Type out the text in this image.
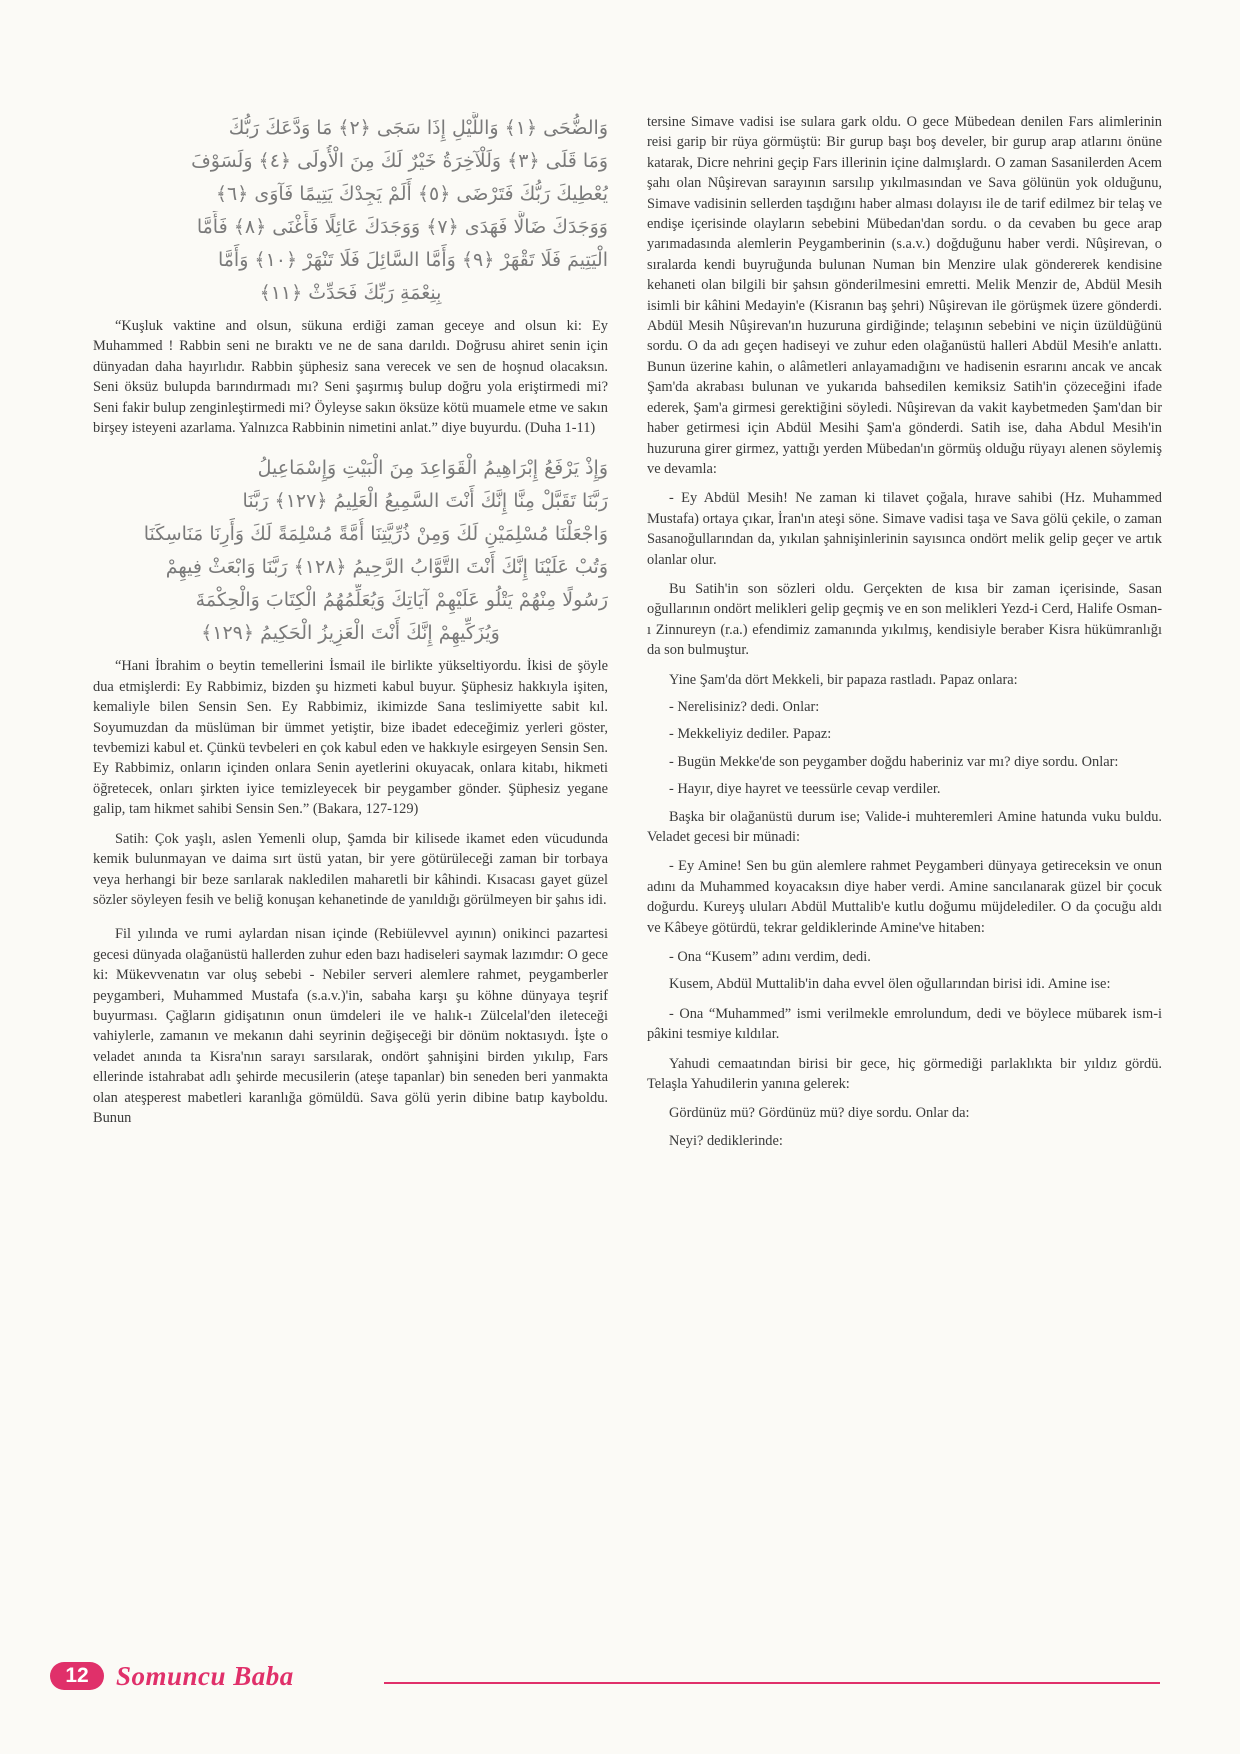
وَالضُّحَى ﴿١﴾ وَاللَّيْلِ إِذَا سَجَى ﴿٢﴾ مَا وَدَّعَكَ رَبُّكَ
وَمَا قَلَى ﴿٣﴾ وَلَلْآخِرَةُ خَيْرٌ لَكَ مِنَ الْأُولَى ﴿٤﴾ وَلَسَوْفَ
يُعْطِيكَ رَبُّكَ فَتَرْضَى ﴿٥﴾ أَلَمْ يَجِدْكَ يَتِيمًا فَآوَى ﴿٦﴾
وَوَجَدَكَ ضَالًّا فَهَدَى ﴿٧﴾ وَوَجَدَكَ عَائِلًا فَأَغْنَى ﴿٨﴾ فَأَمَّا
الْيَتِيمَ فَلَا تَقْهَرْ ﴿٩﴾ وَأَمَّا السَّائِلَ فَلَا تَنْهَرْ ﴿١٠﴾ وَأَمَّا
بِنِعْمَةِ رَبِّكَ فَحَدِّثْ ﴿١١﴾

“Kuşluk vaktine and olsun, sükuna erdiği zaman geceye and olsun ki: Ey Muhammed ! Rabbin seni ne bıraktı ve ne de sana darıldı. Doğrusu ahiret senin için dünyadan daha hayırlıdır. Rabbin şüphesiz sana verecek ve sen de hoşnud olacaksın. Seni öksüz bulupda barındırmadı mı? Seni şaşırmış bulup doğru yola eriştirmedi mi? Seni fakir bulup zenginleştirmedi mi? Öyleyse sakın öksüze kötü muamele etme ve sakın birşey isteyeni azarlama. Yalnızca Rabbinin nimetini anlat.” diye buyurdu. (Duha 1-11)

وَإِذْ يَرْفَعُ إِبْرَاهِيمُ الْقَوَاعِدَ مِنَ الْبَيْتِ وَإِسْمَاعِيلُ
رَبَّنَا تَقَبَّلْ مِنَّا إِنَّكَ أَنْتَ السَّمِيعُ الْعَلِيمُ ﴿١٢٧﴾ رَبَّنَا
وَاجْعَلْنَا مُسْلِمَيْنِ لَكَ وَمِنْ ذُرِّيَّتِنَا أُمَّةً مُسْلِمَةً لَكَ وَأَرِنَا مَنَاسِكَنَا
وَتُبْ عَلَيْنَا إِنَّكَ أَنْتَ التَّوَّابُ الرَّحِيمُ ﴿١٢٨﴾ رَبَّنَا وَابْعَثْ فِيهِمْ
رَسُولًا مِنْهُمْ يَتْلُو عَلَيْهِمْ آيَاتِكَ وَيُعَلِّمُهُمُ الْكِتَابَ وَالْحِكْمَةَ
وَيُزَكِّيهِمْ إِنَّكَ أَنْتَ الْعَزِيزُ الْحَكِيمُ ﴿١٢٩﴾

“Hani İbrahim o beytin temellerini İsmail ile birlikte yükseltiyordu. İkisi de şöyle dua etmişlerdi: Ey Rabbimiz, bizden şu hizmeti kabul buyur. Şüphesiz hakkıyla işiten, kemaliyle bilen Sensin Sen. Ey Rabbimiz, ikimizde Sana teslimiyette sabit kıl. Soyumuzdan da müslüman bir ümmet yetiştir, bize ibadet edeceğimiz yerleri göster, tevbemizi kabul et. Çünkü tevbeleri en çok kabul eden ve hakkıyle esirgeyen Sensin Sen. Ey Rabbimiz, onların içinden onlara Senin ayetlerini okuyacak, onlara kitabı, hikmeti öğretecek, onları şirkten iyice temizleyecek bir peygamber gönder. Şüphesiz yegane galip, tam hikmet sahibi Sensin Sen.” (Bakara, 127-129)

Satih: Çok yaşlı, aslen Yemenli olup, Şamda bir kilisede ikamet eden vücudunda kemik bulunmayan ve daima sırt üstü yatan, bir yere götürüleceği zaman bir torbaya veya herhangi bir beze sarılarak nakledilen maharetli bir kâhindi. Kısacası gayet güzel sözler söyleyen fesih ve beliğ konuşan kehanetinde de yanıldığı görülmeyen bir şahıs idi.

Fil yılında ve rumi aylardan nisan içinde (Rebiülevvel ayının) onikinci pazartesi gecesi dünyada olağanüstü hallerden zuhur eden bazı hadiseleri saymak lazımdır: O gece ki: Mükevvenatın var oluş sebebi - Nebiler serveri alemlere rahmet, peygamberler peygamberi, Muhammed Mustafa (s.a.v.)'in, sabaha karşı şu köhne dünyaya teşrif buyurması. Çağların gidişatının onun ümdeleri ile ve halık-ı Zülcelal'den ileteceği vahiylerle, zamanın ve mekanın dahi seyrinin değişeceği bir dönüm noktasıydı. İşte o veladet anında ta Kisra'nın sarayı sarsılarak, ondört şahnişini birden yıkılıp, Fars ellerinde istahrabat adlı şehirde mecusilerin (ateşe tapanlar) bin seneden beri yanmakta olan ateşperest mabetleri karanlığa gömüldü. Sava gölü yerin dibine batıp kayboldu. Bunun

tersine Simave vadisi ise sulara gark oldu. O gece Mübedean denilen Fars alimlerinin reisi garip bir rüya görmüştü: Bir gurup başı boş develer, bir gurup arap atlarını önüne katarak, Dicre nehrini geçip Fars illerinin içine dalmışlardı. O zaman Sasanilerden Acem şahı olan Nûşirevan sarayının sarsılıp yıkılmasından ve Sava gölünün yok olduğunu, Simave vadisinin sellerden taşdığını haber alması dolayısı ile de tarif edilmez bir telaş ve endişe içerisinde olayların sebebini Mübedan'dan sordu. o da cevaben bu gece arap yarımadasında alemlerin Peygamberinin (s.a.v.) doğduğunu haber verdi. Nûşirevan, o sıralarda kendi buyruğunda bulunan Numan bin Menzire ulak göndererek kendisine kehaneti olan bilgili bir şahsın gönderilmesini emretti. Melik Menzir de, Abdül Mesih isimli bir kâhini Medayin'e (Kisranın baş şehri) Nûşirevan ile görüşmek üzere gönderdi. Abdül Mesih Nûşirevan'ın huzuruna girdiğinde; telaşının sebebini ve niçin üzüldüğünü sordu. O da adı geçen hadiseyi ve zuhur eden olağanüstü halleri Abdül Mesih'e anlattı. Bunun üzerine kahin, o alâmetleri anlayamadığını ve hadisenin esrarını ancak ve ancak Şam'da akrabası bulunan ve yukarıda bahsedilen kemiksiz Satih'in çözeceğini ifade ederek, Şam'a girmesi gerektiğini söyledi. Nûşirevan da vakit kaybetmeden Şam'dan bir haber getirmesi için Abdül Mesihi Şam'a gönderdi. Satih ise, daha Abdul Mesih'in huzuruna girer girmez, yattığı yerden Mübedan'ın görmüş olduğu rüyayı alenen söylemiş ve devamla:

- Ey Abdül Mesih! Ne zaman ki tilavet çoğala, hırave sahibi (Hz. Muhammed Mustafa) ortaya çıkar, İran'ın ateşi söne. Simave vadisi taşa ve Sava gölü çekile, o zaman Sasanoğullarından da, yıkılan şahnişinlerinin sayısınca ondört melik gelip geçer ve artık olanlar olur.

Bu Satih'in son sözleri oldu. Gerçekten de kısa bir zaman içerisinde, Sasan oğullarının ondört melikleri gelip geçmiş ve en son melikleri Yezd-i Cerd, Halife Osman-ı Zinnureyn (r.a.) efendimiz zamanında yıkılmış, kendisiyle beraber Kisra hükümranlığı da son bulmuştur.

Yine Şam'da dört Mekkeli, bir papaza rastladı. Papaz onlara:

- Nerelisiniz? dedi. Onlar:

- Mekkeliyiz dediler. Papaz:

- Bugün Mekke'de son peygamber doğdu haberiniz var mı? diye sordu. Onlar:

- Hayır, diye hayret ve teessürle cevap verdiler.

Başka bir olağanüstü durum ise; Valide-i muhteremleri Amine hatunda vuku buldu. Veladet gecesi bir münadi:

- Ey Amine! Sen bu gün alemlere rahmet Peygamberi dünyaya getireceksin ve onun adını da Muhammed koyacaksın diye haber verdi. Amine sancılanarak güzel bir çocuk doğurdu. Kureyş uluları Abdül Muttalib'e kutlu doğumu müjdelediler. O da çocuğu aldı ve Kâbeye götürdü, tekrar geldiklerinde Amine've hitaben:

- Ona “Kusem” adını verdim, dedi.

Kusem, Abdül Muttalib'in daha evvel ölen oğullarından birisi idi. Amine ise:

- Ona “Muhammed” ismi verilmekle emrolundum, dedi ve böylece mübarek ism-i pâkini tesmiye kıldılar.

Yahudi cemaatından birisi bir gece, hiç görmediği parlaklıkta bir yıldız gördü. Telaşla Yahudilerin yanına gelerek:

Gördünüz mü? Gördünüz mü? diye sordu. Onlar da:

Neyi? dediklerinde:

12	Somuncu Baba
